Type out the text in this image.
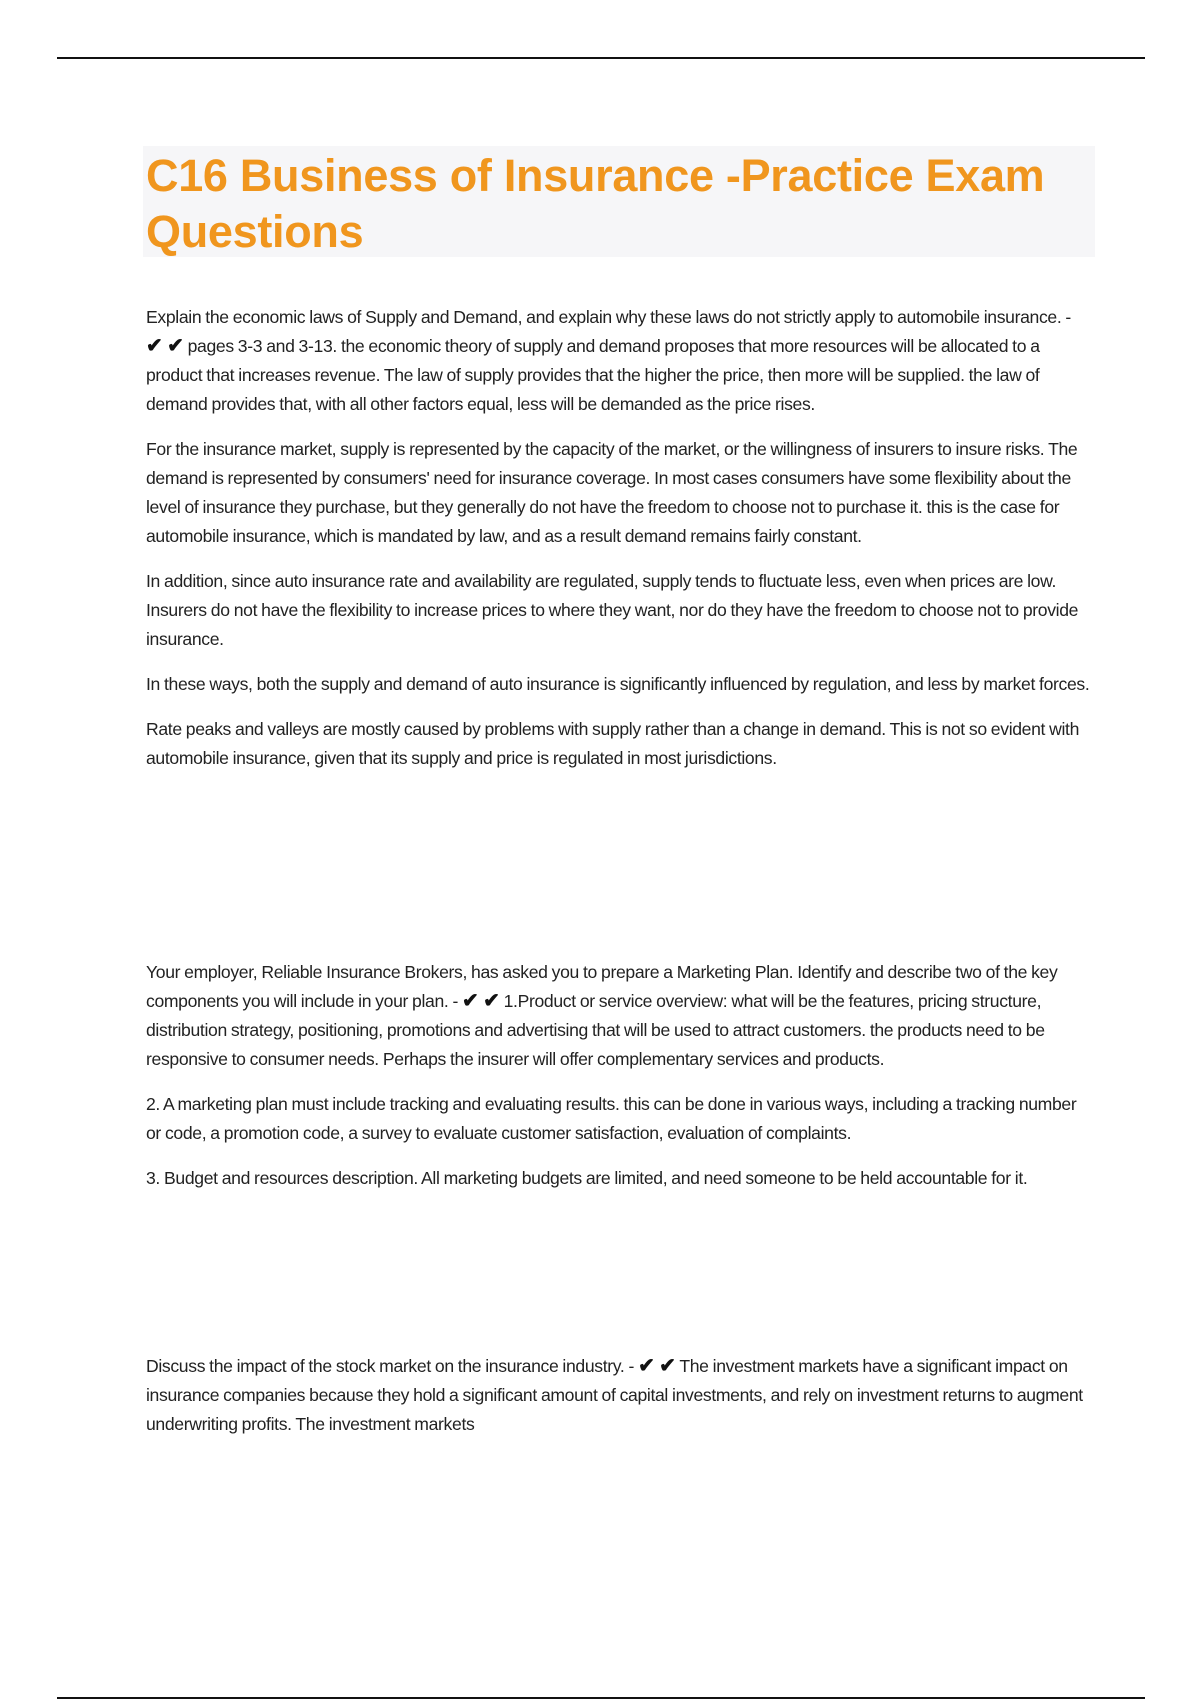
C16 Business of Insurance -Practice Exam Questions

Explain the economic laws of Supply and Demand, and explain why these laws do not strictly apply to automobile insurance. - ✔ ✔ pages 3-3 and 3-13. the economic theory of supply and demand proposes that more resources will be allocated to a product that increases revenue. The law of supply provides that the higher the price, then more will be supplied. the law of demand provides that, with all other factors equal, less will be demanded as the price rises.

For the insurance market, supply is represented by the capacity of the market, or the willingness of insurers to insure risks. The demand is represented by consumers' need for insurance coverage. In most cases consumers have some flexibility about the level of insurance they purchase, but they generally do not have the freedom to choose not to purchase it. this is the case for automobile insurance, which is mandated by law, and as a result demand remains fairly constant.

In addition, since auto insurance rate and availability are regulated, supply tends to fluctuate less, even when prices are low. Insurers do not have the flexibility to increase prices to where they want, nor do they have the freedom to choose not to provide insurance.

In these ways, both the supply and demand of auto insurance is significantly influenced by regulation, and less by market forces.

Rate peaks and valleys are mostly caused by problems with supply rather than a change in demand. This is not so evident with automobile insurance, given that its supply and price is regulated in most jurisdictions.

Your employer, Reliable Insurance Brokers, has asked you to prepare a Marketing Plan. Identify and describe two of the key components you will include in your plan. - ✔ ✔ 1.Product or service overview: what will be the features, pricing structure, distribution strategy, positioning, promotions and advertising that will be used to attract customers. the products need to be responsive to consumer needs. Perhaps the insurer will offer complementary services and products.

2. A marketing plan must include tracking and evaluating results. this can be done in various ways, including a tracking number or code, a promotion code, a survey to evaluate customer satisfaction, evaluation of complaints.

3. Budget and resources description. All marketing budgets are limited, and need someone to be held accountable for it.

Discuss the impact of the stock market on the insurance industry. - ✔ ✔ The investment markets have a significant impact on insurance companies because they hold a significant amount of capital investments, and rely on investment returns to augment underwriting profits. The investment markets
